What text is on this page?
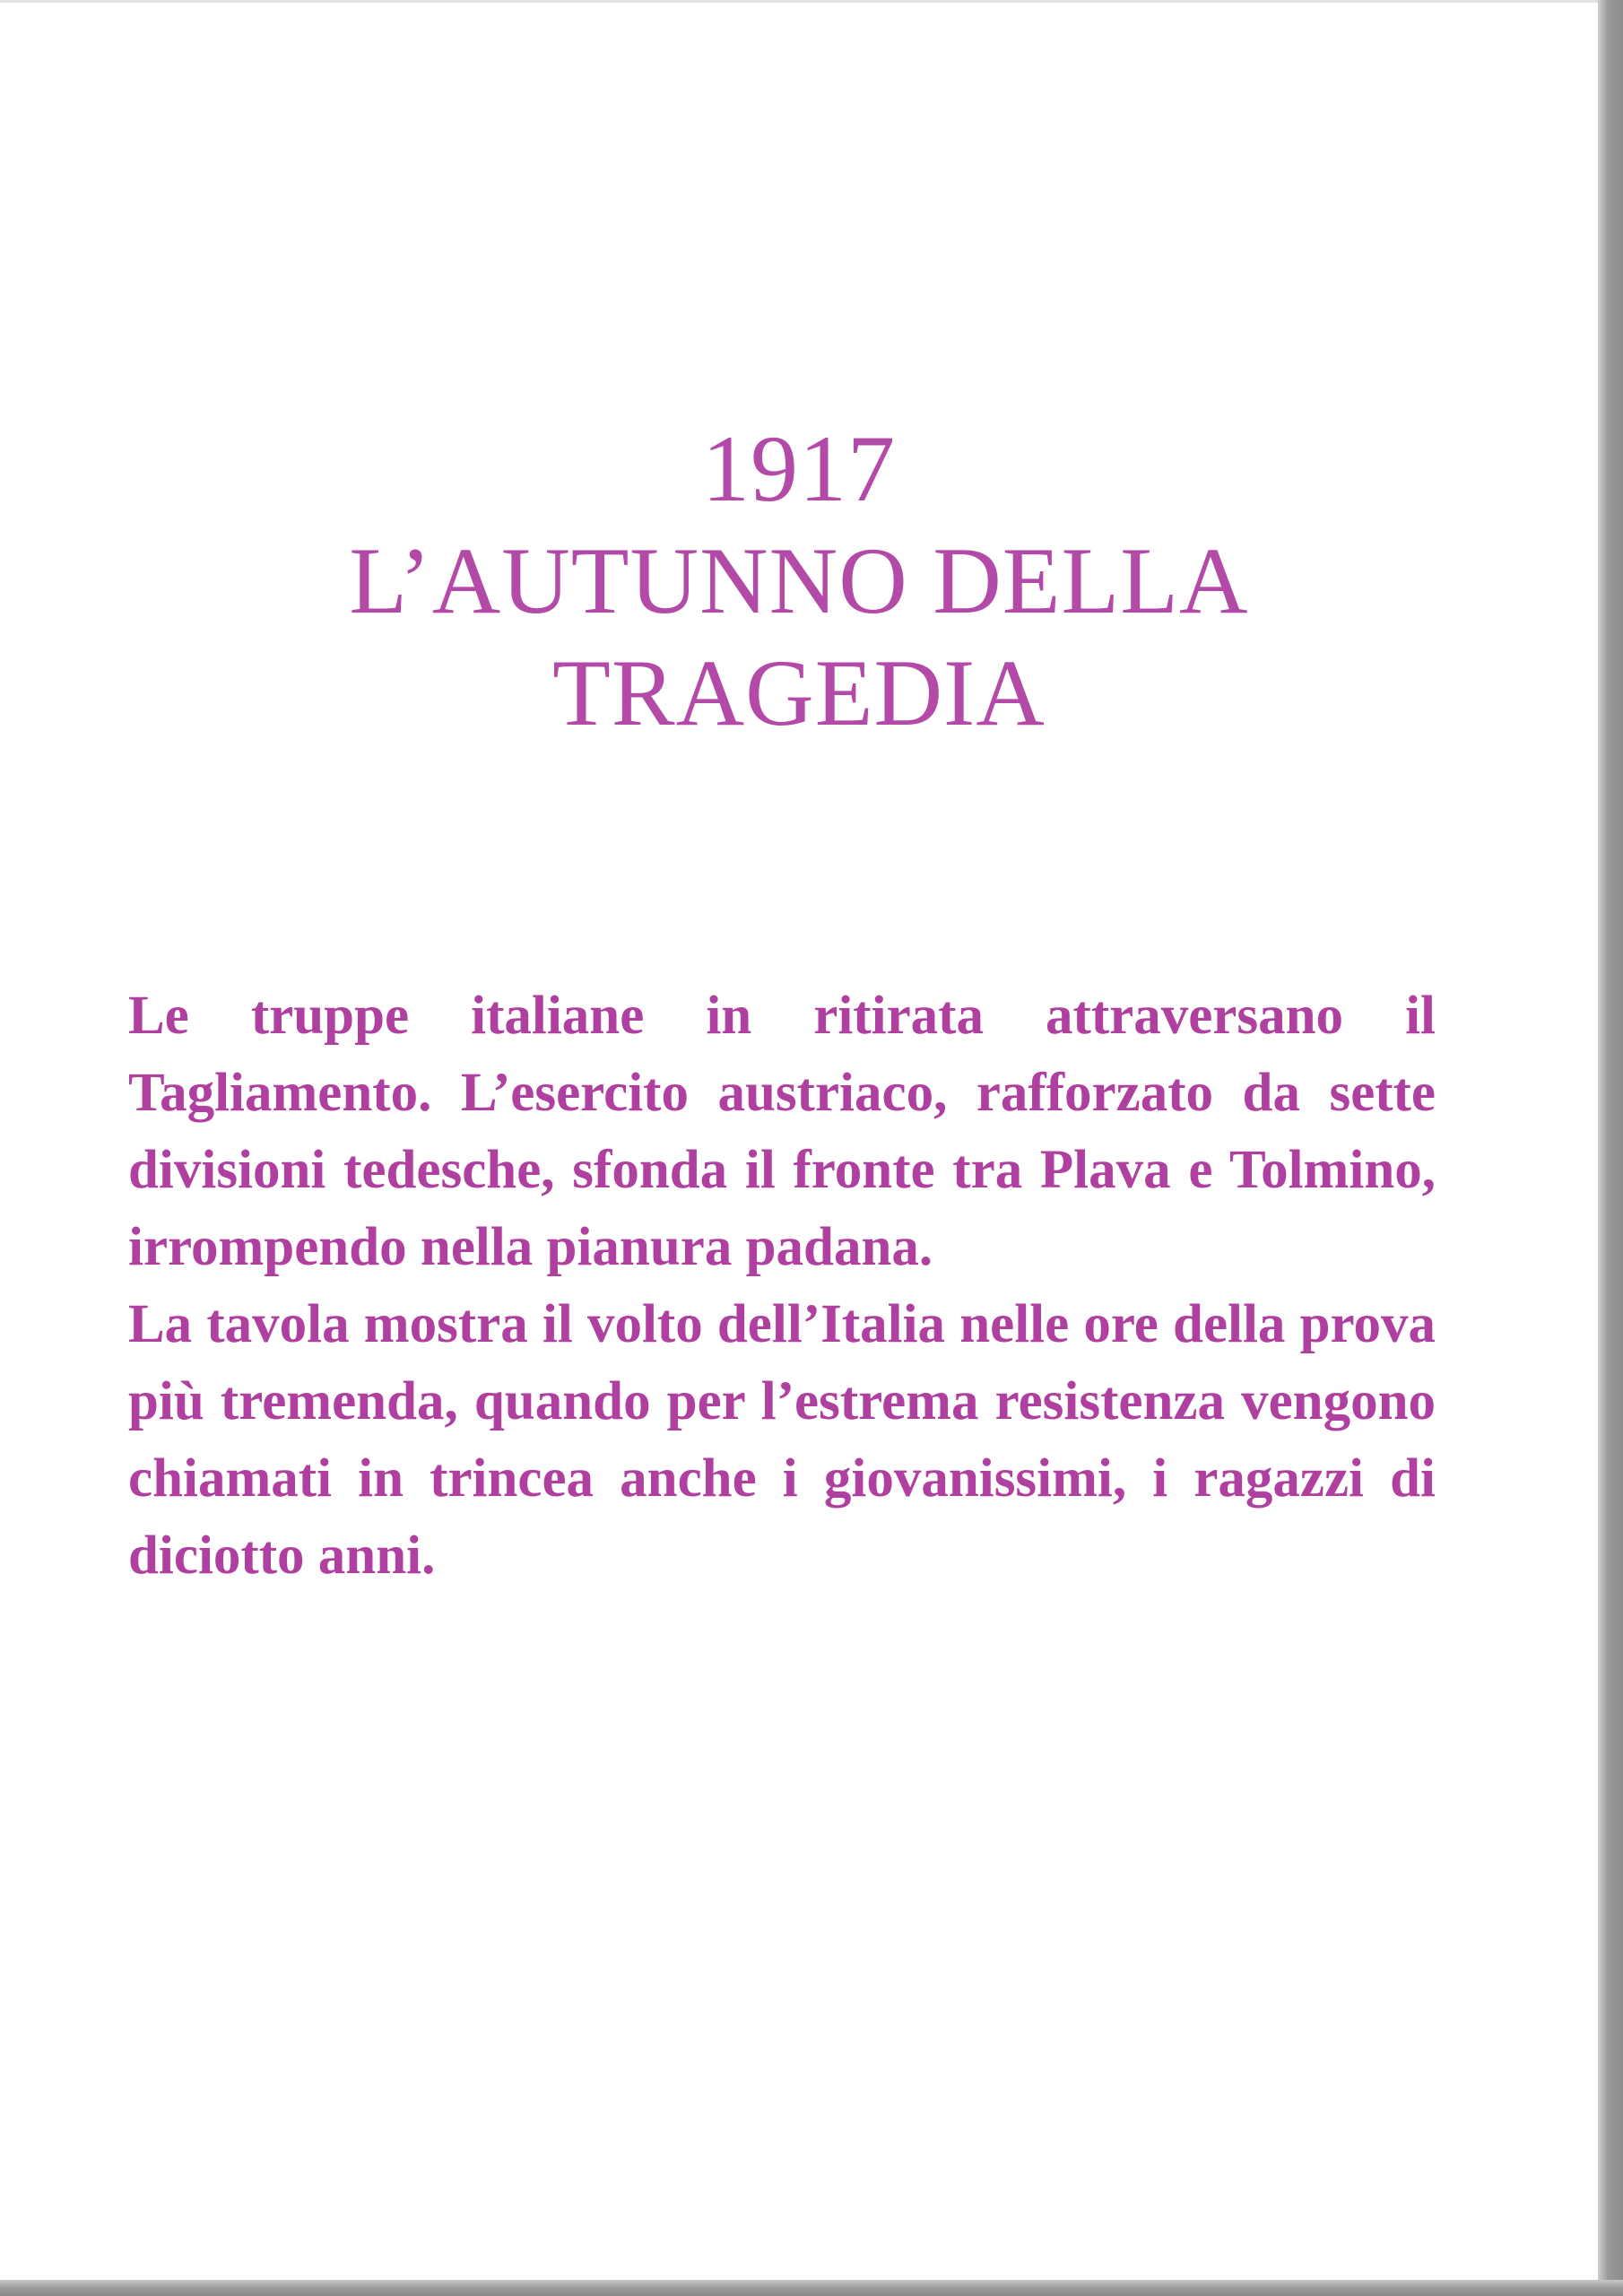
1917
L’AUTUNNO DELLA
TRAGEDIA

Le truppe italiane in ritirata attraversano il Tagliamento. L’esercito austriaco, rafforzato da sette divisioni tedesche, sfonda il fronte tra Plava e Tolmino, irrompendo nella pianura padana.

La tavola mostra il volto dell’Italia nelle ore della prova più tremenda, quando per l’estrema resistenza vengono chiamati in trincea anche i giovanissimi, i ragazzi di diciotto anni.
